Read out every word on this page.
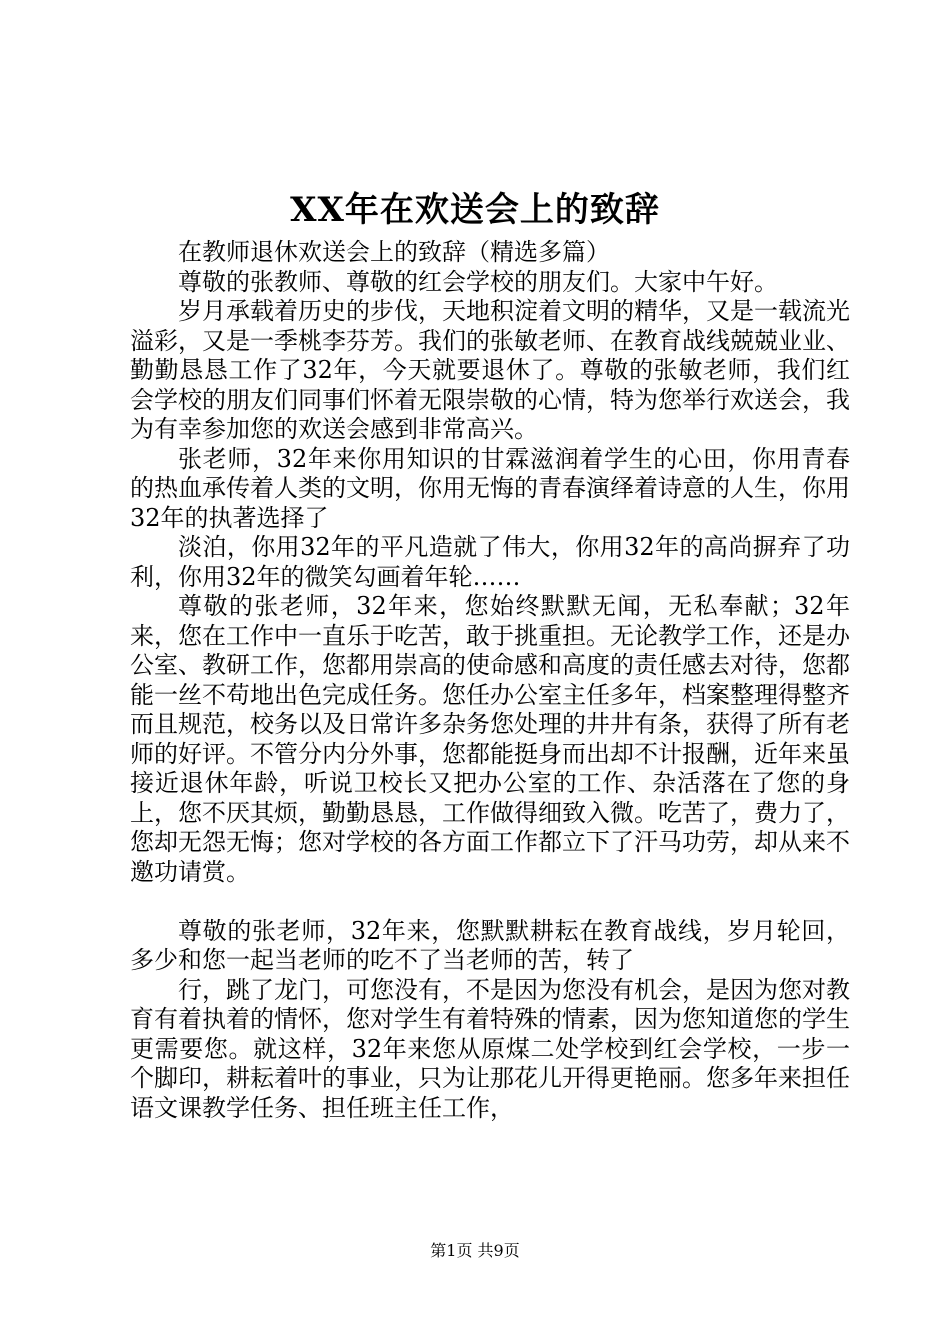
XX年在欢送会上的致辞

在教师退休欢送会上的致辞（精选多篇）

尊敬的张教师、尊敬的红会学校的朋友们。大家中午好。

岁月承载着历史的步伐，天地积淀着文明的精华，又是一载流光溢彩，又是一季桃李芬芳。我们的张敏老师、在教育战线兢兢业业、勤勤恳恳工作了32年，今天就要退休了。尊敬的张敏老师，我们红会学校的朋友们同事们怀着无限崇敬的心情，特为您举行欢送会，我为有幸参加您的欢送会感到非常高兴。

张老师，32年来你用知识的甘霖滋润着学生的心田，你用青春的热血承传着人类的文明，你用无悔的青春演绎着诗意的人生，你用32年的执著选择了

淡泊，你用32年的平凡造就了伟大，你用32年的高尚摒弃了功利，你用32年的微笑勾画着年轮……

尊敬的张老师，32年来，您始终默默无闻，无私奉献；32年来，您在工作中一直乐于吃苦，敢于挑重担。无论教学工作，还是办公室、教研工作，您都用崇高的使命感和高度的责任感去对待，您都能一丝不苟地出色完成任务。您任办公室主任多年，档案整理得整齐而且规范，校务以及日常许多杂务您处理的井井有条，获得了所有老师的好评。不管分内分外事，您都能挺身而出却不计报酬，近年来虽接近退休年龄，听说卫校长又把办公室的工作、杂活落在了您的身上，您不厌其烦，勤勤恳恳，工作做得细致入微。吃苦了，费力了，您却无怨无悔；您对学校的各方面工作都立下了汗马功劳，却从来不邀功请赏。

尊敬的张老师，32年来，您默默耕耘在教育战线，岁月轮回，多少和您一起当老师的吃不了当老师的苦，转了

行，跳了龙门，可您没有，不是因为您没有机会，是因为您对教育有着执着的情怀，您对学生有着特殊的情素，因为您知道您的学生更需要您。就这样，32年来您从原煤二处学校到红会学校，一步一个脚印，耕耘着叶的事业，只为让那花儿开得更艳丽。您多年来担任语文课教学任务、担任班主任工作，

第1页 共9页
